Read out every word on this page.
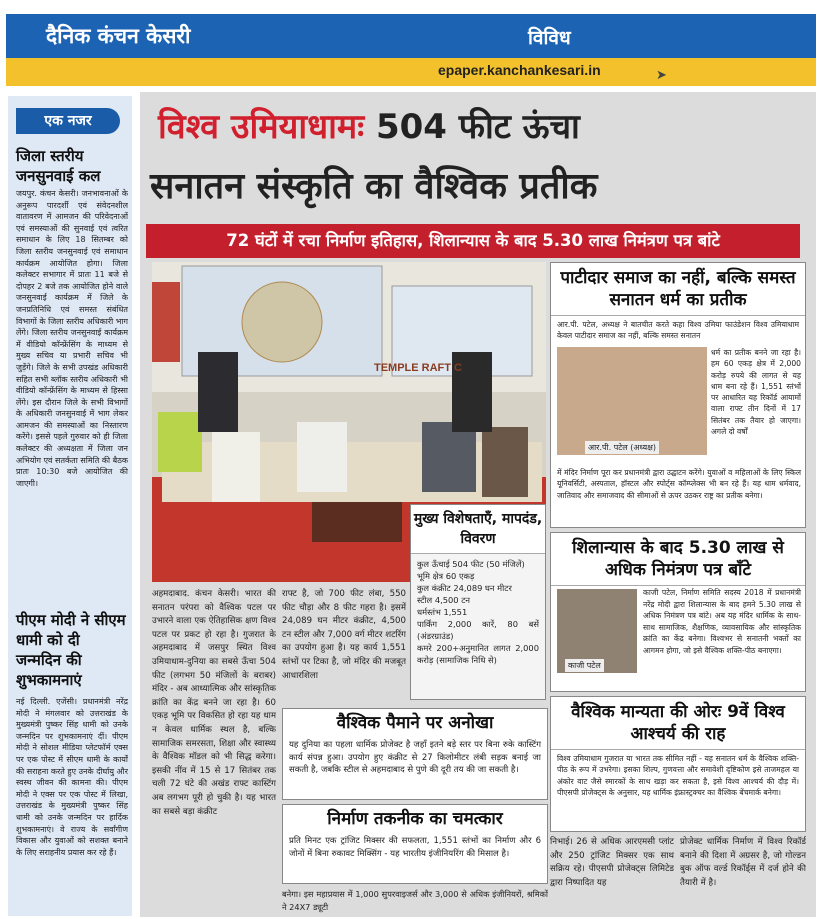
दैनिक कंचन केसरी	विविध
epaper.kanchankesari.in	➤
एक नजर
जिला स्तरीय जनसुनवाई कल
जयपुर. कंचन केसरी। जनभावनाओं के अनुरूप पारदर्शी एवं संवेदनशील वातावरण में आमजन की परिवेदनाओं एवं समस्याओं की सुनवाई एवं त्वरित समाधान के लिए 18 सितम्बर को जिला स्तरीय जनसुनवाई एवं समाधान कार्यक्रम आयोजित होगा। जिला कलेक्टर सभागार में प्रातः 11 बजे से दोपहर 2 बजे तक आयोजित होने वाले जनसुनवाई कार्यक्रम में जिले के जनप्रतिनिधि एवं समस्त संबंधित विभागों के जिला स्तरीय अधिकारी भाग लेंगे। जिला स्तरीय जनसुनवाई कार्यक्रम में वीडियो कॉन्फ्रेंसिंग के माध्यम से मुख्य सचिव या प्रभारी सचिव भी जुड़ेंगे। जिले के सभी उपखंड अधिकारी सहित सभी ब्लॉक स्तरीय अधिकारी भी वीडियो कॉन्फ्रेंसिंग के माध्यम से हिस्सा लेंगे। इस दौरान जिले के सभी विभागों के अधिकारी जनसुनवाई में भाग लेकर आमजन की समस्याओं का निस्तारण करेंगे। इससे पहले गुरुवार को ही जिला कलेक्टर की अध्यक्षता में जिला जन अभियोग एवं सतर्कता समिति की बैठक प्रातः 10:30 बजे आयोजित की जाएगी।
पीएम मोदी ने सीएम धामी को दी जन्मदिन की शुभकामनाएं
नई दिल्ली. एजेंसी। प्रधानमंत्री नरेंद्र मोदी ने मंगलवार को उत्तराखंड के मुख्यमंत्री पुष्कर सिंह धामी को उनके जन्मदिन पर शुभकामनाएं दीं। पीएम मोदी ने सोशल मीडिया प्लेटफॉर्म एक्स पर एक पोस्ट में सीएम धामी के कार्यों की सराहना करते हुए उनके दीर्घायु और स्वस्थ जीवन की कामना की। पीएम मोदी ने एक्स पर एक पोस्ट में लिखा, उत्तराखंड के मुख्यमंत्री पुष्कर सिंह धामी को उनके जन्मदिन पर हार्दिक शुभकामनाएं। वे राज्य के सर्वांगीण विकास और युवाओं को सशक्त बनाने के लिए सराहनीय प्रयास कर रहे हैं।
विश्व उमियाधामः 504 फीट ऊंचा
सनातन संस्कृति का वैश्विक प्रतीक
72 घंटों में रचा निर्माण इतिहास, शिलान्यास के बाद 5.30 लाख निमंत्रण पत्र बांटे
TEMPLE RAFT C
मुख्य विशेषताएँ, मापदंड, विवरण
कुल ऊँचाई 504 फीट (50 मंजिलें)
भूमि क्षेत्र 60 एकड़
कुल कंक्रीट 24,089 घन मीटर
स्टील 4,500 टन
धर्मस्तंभ 1,551
पार्किंग 2,000 कारें, 80 बसें (अंडरग्राउंड)
कमरे 200+अनुमानित लागत 2,000 करोड़ (सामाजिक निधि से)
अहमदाबाद. कंचन केसरी। भारत की सनातन परंपरा को वैश्विक पटल पर उभारने वाला एक ऐतिहासिक क्षण विश्व पटल पर प्रकट हो रहा है। गुजरात के अहमदाबाद में जसपुर स्थित विश्व उमियाधाम-दुनिया का सबसे ऊँचा 504 फीट (लगभग 50 मंजिलों के बराबर) मंदिर - अब आध्यात्मिक और सांस्कृतिक क्रांति का केंद्र बनने जा रहा है। 60 एकड़ भूमि पर विकसित हो रहा यह धाम न केवल धार्मिक स्थल है, बल्कि सामाजिक समरसता, शिक्षा और स्वास्थ्य के वैश्विक मॉडल को भी सिद्ध करेगा। इसकी नींव में 15 से 17 सितंबर तक चली 72 घंटे की अखंड राफ्ट कास्टिंग अब लगभग पूरी हो चुकी है। यह भारत का सबसे बड़ा कंक्रीट
राफ्ट है, जो 700 फीट लंबा, 550 फीट चौड़ा और 8 फीट गहरा है। इसमें 24,089 घन मीटर कंक्रीट, 4,500 टन स्टील और 7,000 वर्ग मीटर शटरिंग का उपयोग हुआ है। यह कार्य 1,551 स्तंभों पर टिका है, जो मंदिर की मजबूत आधारशिला
वैश्विक पैमाने पर अनोखा
यह दुनिया का पहला धार्मिक प्रोजेक्ट है जहाँ इतने बड़े स्तर पर बिना रुके कास्टिंग कार्य संपन्न हुआ। उपयोग हुए कंक्रीट से 27 किलोमीटर लंबी सड़क बनाई जा सकती है, जबकि स्टील से अहमदाबाद से पुणे की दूरी तय की जा सकती है।
निर्माण तकनीक का चमत्कार
प्रति मिनट एक ट्रांजिट मिक्सर की सफलता, 1,551 स्तंभों का निर्माण और 6 जोनों में बिना रुकावट मिक्सिंग - यह भारतीय इंजीनियरिंग की मिसाल है।
पाटीदार समाज का नहीं, बल्कि समस्त सनातन धर्म का प्रतीक
आर.पी. पटेल, अध्यक्ष ने बातचीत करते कहा विश्व उमिया फाउंडेशन विश्व उमियाधाम केवल पाटीदार समाज का नहीं, बल्कि समस्त सनातन
आर.पी. पटेल (अध्यक्ष)
धर्म का प्रतीक बनने जा रहा है। हम 60 एकड़ क्षेत्र में 2,000 करोड़ रुपये की लागत से यह धाम बना रहे हैं। 1,551 स्तंभों पर आधारित यह रिकॉर्ड आयामों वाला राफ्ट तीन दिनों में 17 सितंबर तक तैयार हो जाएगा। अगले दो वर्षों
में मंदिर निर्माण पूरा कर प्रधानमंत्री द्वारा उद्घाटन करेंगे। युवाओं व महिलाओं के लिए स्किल यूनिवर्सिटी, अस्पताल, हॉस्टल और स्पोर्ट्स कॉम्प्लेक्स भी बन रहे हैं। यह धाम धर्मवाद, जातिवाद और समाजवाद की सीमाओं से ऊपर उठकर राष्ट्र का प्रतीक बनेगा।
शिलान्यास के बाद 5.30 लाख से अधिक निमंत्रण पत्र बाँटे
काजी पटेल
काजी पटेल, निर्माण समिति सदस्य 2018 में प्रधानमंत्री नरेंद्र मोदी द्वारा शिलान्यास के बाद हमने 5.30 लाख से अधिक निमंत्रण पत्र बांटे। अब यह मंदिर धार्मिक के साथ-साथ सामाजिक, शैक्षणिक, व्यावसायिक और सांस्कृतिक क्रांति का केंद्र बनेगा। विश्वभर से सनातनी भक्तों का आगमन होगा, जो इसे वैश्विक शक्ति-पीठ बनाएगा।
वैश्विक मान्यता की ओरः 9वें विश्व आश्चर्य की राह
विश्व उमियाधाम गुजरात या भारत तक सीमित नहीं - यह सनातन धर्म के वैश्विक शक्ति-पीठ के रूप में उभरेगा। इसका शिल्प, गुणवत्ता और समावेशी दृष्टिकोण इसे ताजमहल या अंकोर वाट जैसे स्मारकों के साथ खड़ा कर सकता है, इसे विश्व आश्चर्य की दौड़ में। पीएसपी प्रोजेक्ट्स के अनुसार, यह धार्मिक इंफ्रास्ट्रक्चर का वैश्विक बेंचमार्क बनेगा।
बनेगा। इस महाप्रयास में 1,000 सुपरवाइजर्स और 3,000 से अधिक इंजीनियरों, श्रमिकों ने 24X7 ड्यूटी
निभाई। 26 से अधिक आरएमसी प्लांट और 250 ट्रांजिट मिक्सर एक साथ सक्रिय रहे। पीएसपी प्रोजेक्ट्स लिमिटेड द्वारा निष्पादित यह
प्रोजेक्ट धार्मिक निर्माण में विश्व रिकॉर्ड बनाने की दिशा में अग्रसर है, जो गोल्डन बुक ऑफ वर्ल्ड रिकॉर्ड्स में दर्ज होने की तैयारी में है।
